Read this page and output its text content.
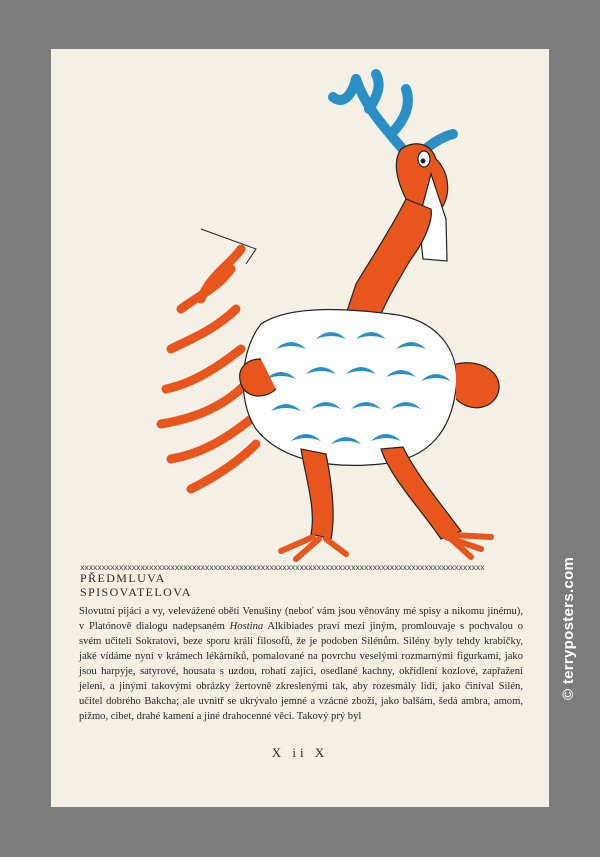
xxxxxxxxxxxxxxxxxxxxxxxxxxxxxxxxxxxxxxxxxxxxxxxxxxxxxxxxxxxxxxxxxxxxxxxxxxxxxxxxxxxxxxxxxxxxxx
PŘEDMLUVA
SPISOVATELOVA
Slovutní pijáci a vy, velevážené oběti Venušiny (neboť vám jsou věnovány mé spisy a nikomu jinému), v Platónově dialogu nadepsaném Hostina Alkibiades praví mezi jiným, promlouvaje s pochvalou o svém učiteli Sokratovi, beze sporu králi filosofů, že je podoben Silénům. Silény byly tehdy krabičky, jaké vídáme nyní v krámech lékárníků, pomalované na povrchu veselými rozmarnými figurkami, jako jsou harpyje, satyrové, housata s uzdou, rohatí zajíci, osedlané kachny, okřídlení kozlové, zapřažení jeleni, a jinými takovými obrázky žertovně zkreslenými tak, aby rozesmály lidi, jako činíval Silén, učitel dobrého Bakcha; ale uvnitř se ukrývalo jemné a vzácné zboží, jako balšám, šedá ambra, amom, pižmo, cibet, drahé kamení a jiné drahocenné věci. Takový prý byl
X ii X
© terryposters.com
